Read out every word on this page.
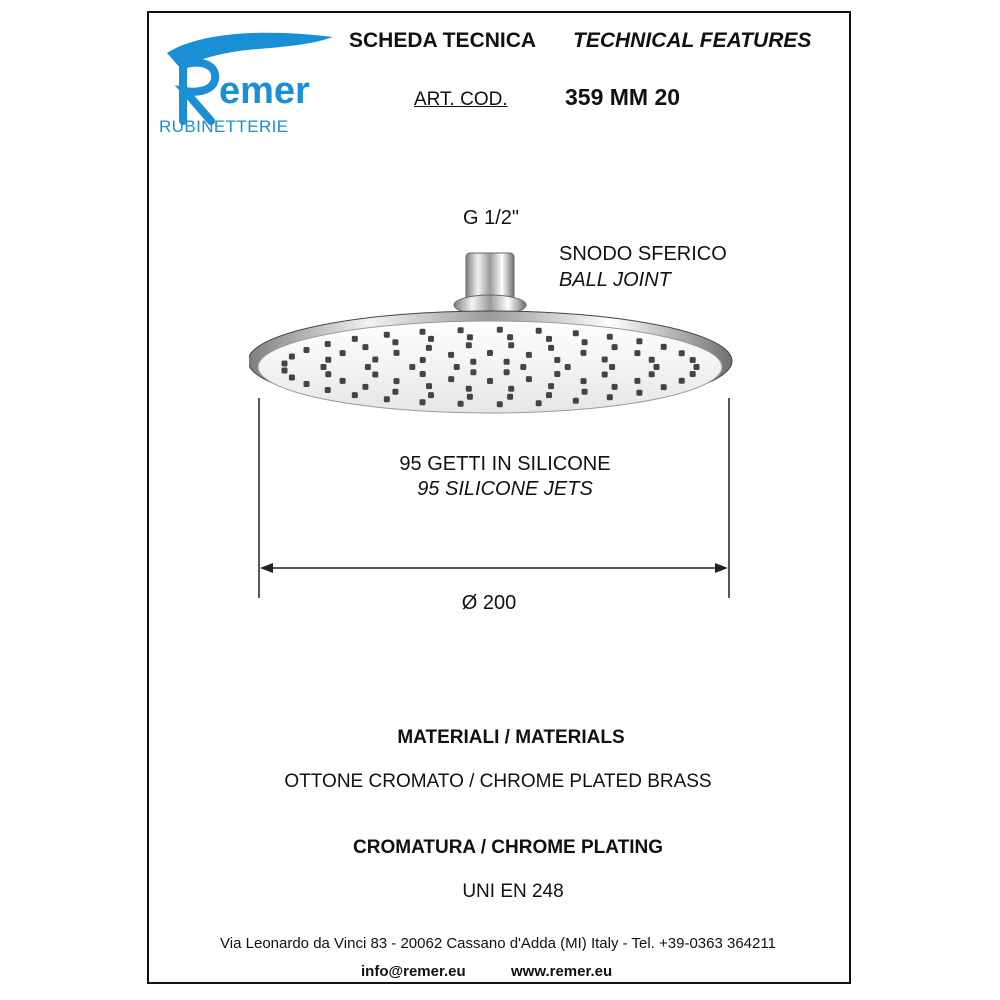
emer
RUBINETTERIE
SCHEDA TECNICA TECHNICAL FEATURES
ART. COD. 359 MM 20
G 1/2"
SNODO SFERICO
BALL JOINT
95 GETTI IN SILICONE
95 SILICONE JETS
Ø 200
MATERIALI / MATERIALS
OTTONE CROMATO / CHROME PLATED BRASS
CROMATURA / CHROME PLATING
UNI EN 248
Via Leonardo da Vinci 83 - 20062 Cassano d'Adda (MI) Italy - Tel. +39-0363 364211
info@remer.eu	www.remer.eu
